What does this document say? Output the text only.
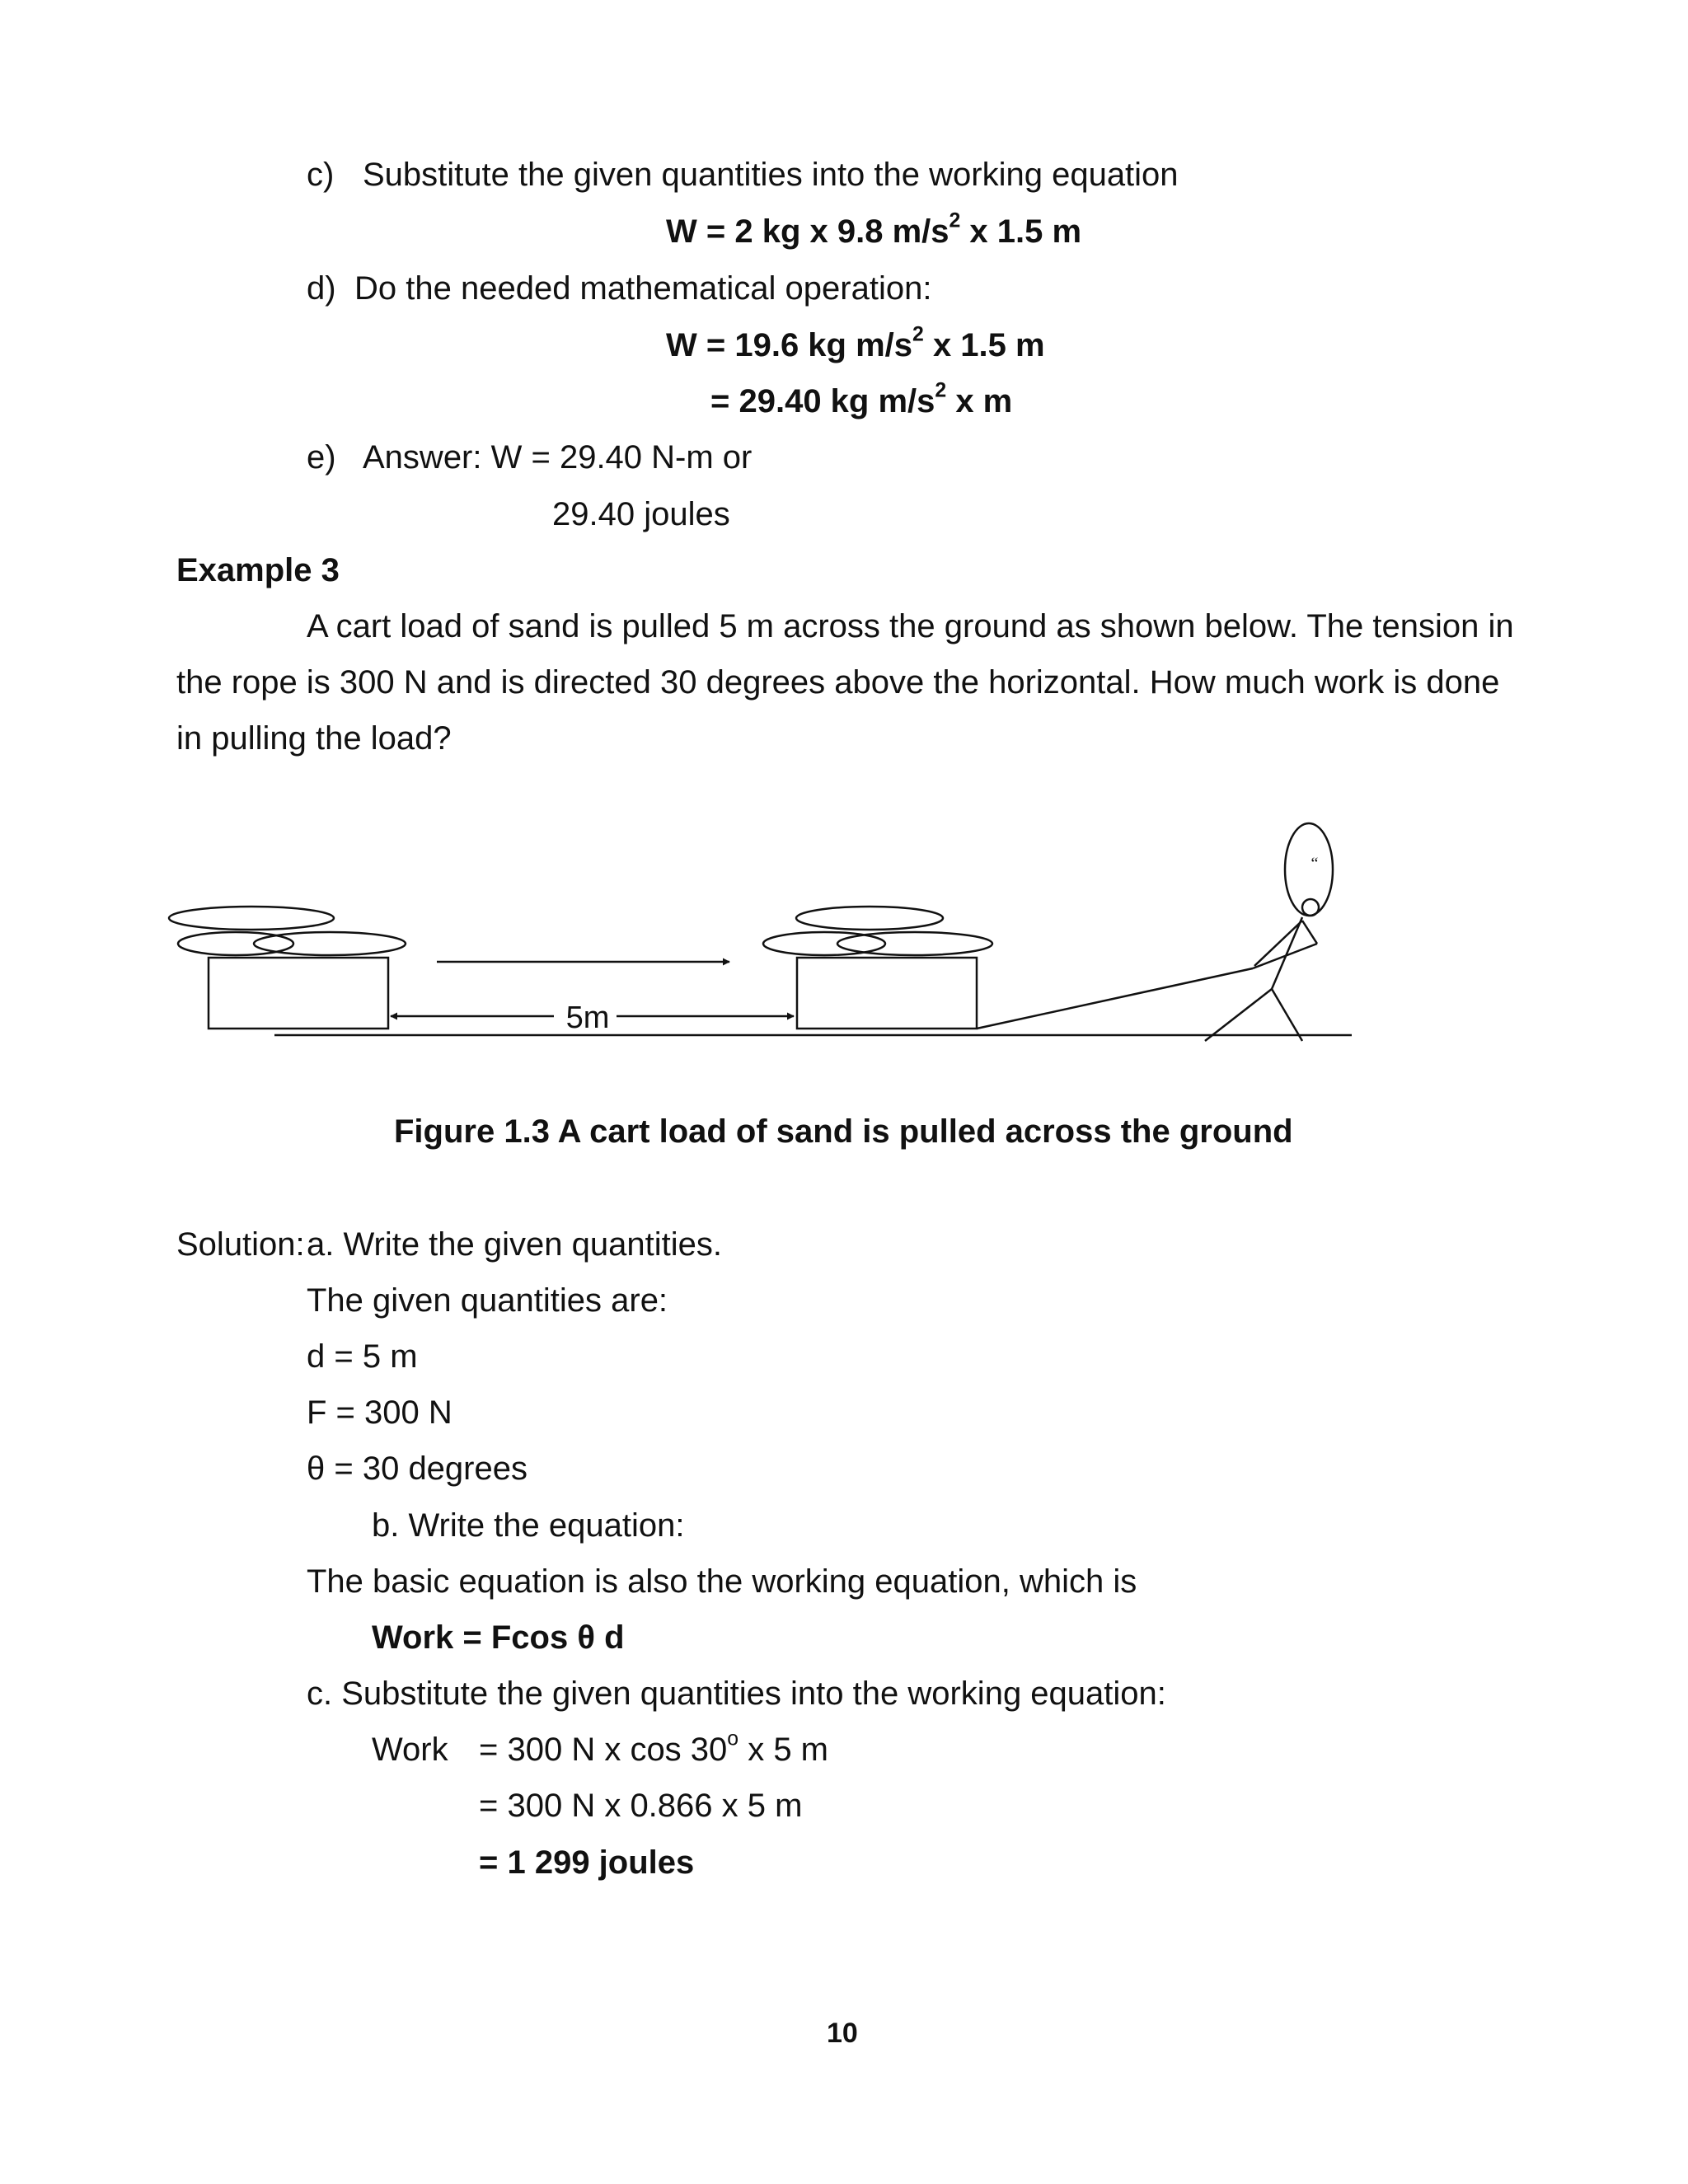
c) Substitute the given quantities into the working equation
W = 2 kg x 9.8 $m/s^2$ x 1.5 m
d) Do the needed mathematical operation:
W = 19.6 kg $m/s^2$ x 1.5 m
= 29.40 kg $m/s^2$ x m
e) Answer: W = 29.40 N-m or
29.40 joules
Example 3
A cart load of sand is pulled 5 m across the ground as shown below. The tension in
the rope is 300 N and is directed 30 degrees above the horizontal. How much work is done
in pulling the load?
5m
“
Figure 1.3 A cart load of sand is pulled across the ground
Solution: a. Write the given quantities.
The given quantities are:
d = 5 m
F = 300 N
θ = 30 degrees
b. Write the equation:
The basic equation is also the working equation, which is
Work = Fcos θ d
c. Substitute the given quantities into the working equation:
Work = 300 N x cos 30$^o$ x 5 m
= 300 N x 0.866 x 5 m
= 1 299 joules
10
